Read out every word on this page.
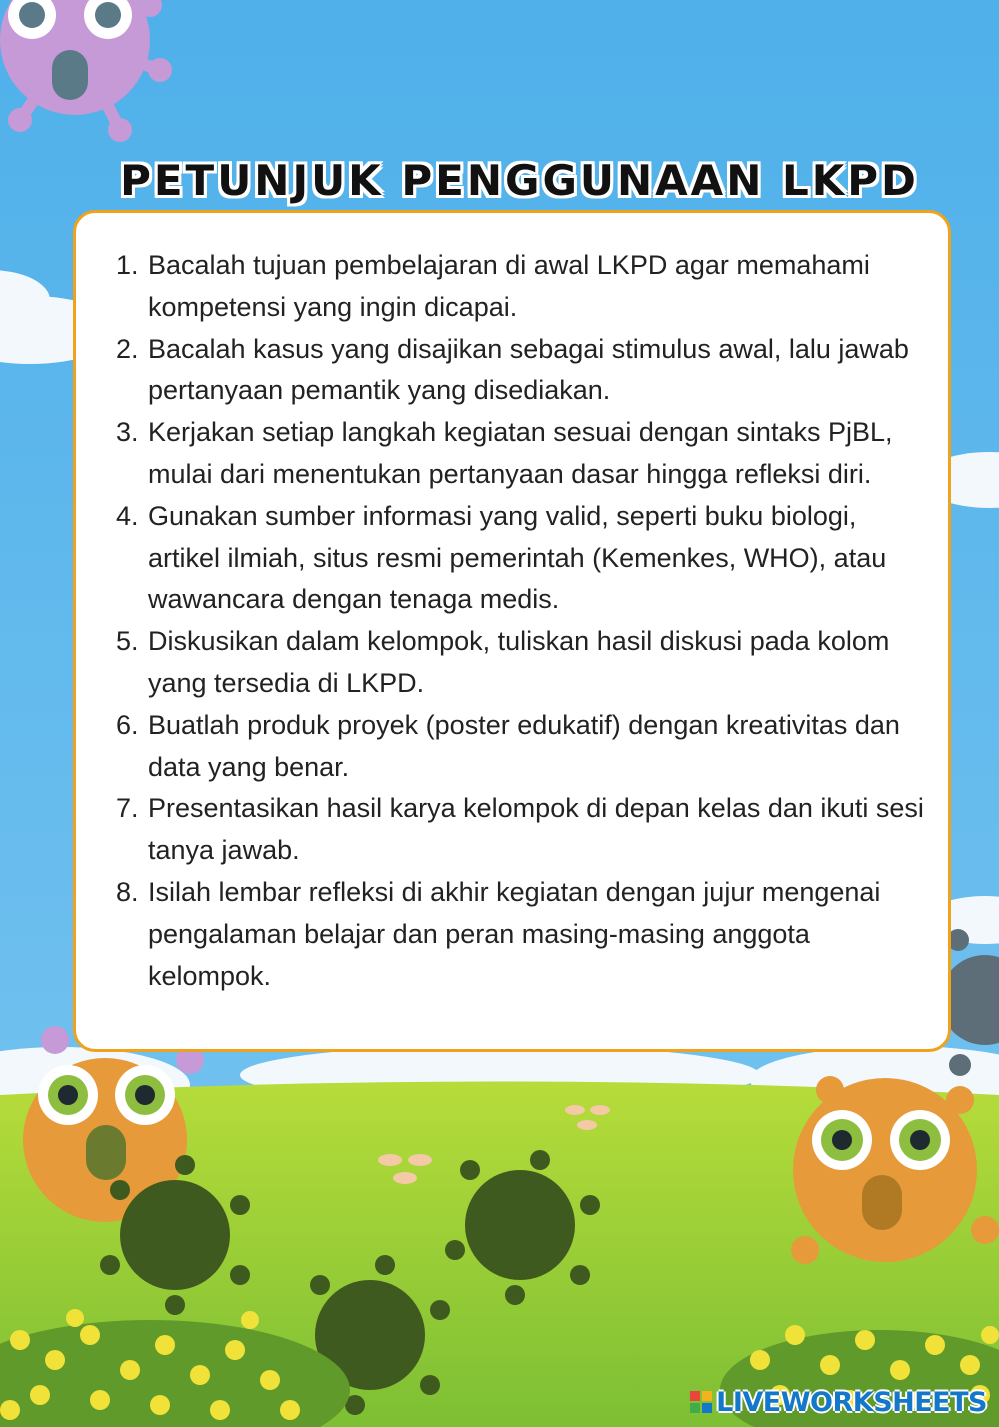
PETUNJUK PENGGUNAAN LKPD
1. Bacalah tujuan pembelajaran di awal LKPD agar memahami kompetensi yang ingin dicapai.
2. Bacalah kasus yang disajikan sebagai stimulus awal, lalu jawab pertanyaan pemantik yang disediakan.
3. Kerjakan setiap langkah kegiatan sesuai dengan sintaks PjBL, mulai dari menentukan pertanyaan dasar hingga refleksi diri.
4. Gunakan sumber informasi yang valid, seperti buku biologi, artikel ilmiah, situs resmi pemerintah (Kemenkes, WHO), atau wawancara dengan tenaga medis.
5. Diskusikan dalam kelompok, tuliskan hasil diskusi pada kolom yang tersedia di LKPD.
6. Buatlah produk proyek (poster edukatif) dengan kreativitas dan data yang benar.
7. Presentasikan hasil karya kelompok di depan kelas dan ikuti sesi tanya jawab.
8. Isilah lembar refleksi di akhir kegiatan dengan jujur mengenai pengalaman belajar dan peran masing-masing anggota kelompok.
LIVEWORKSHEETS
